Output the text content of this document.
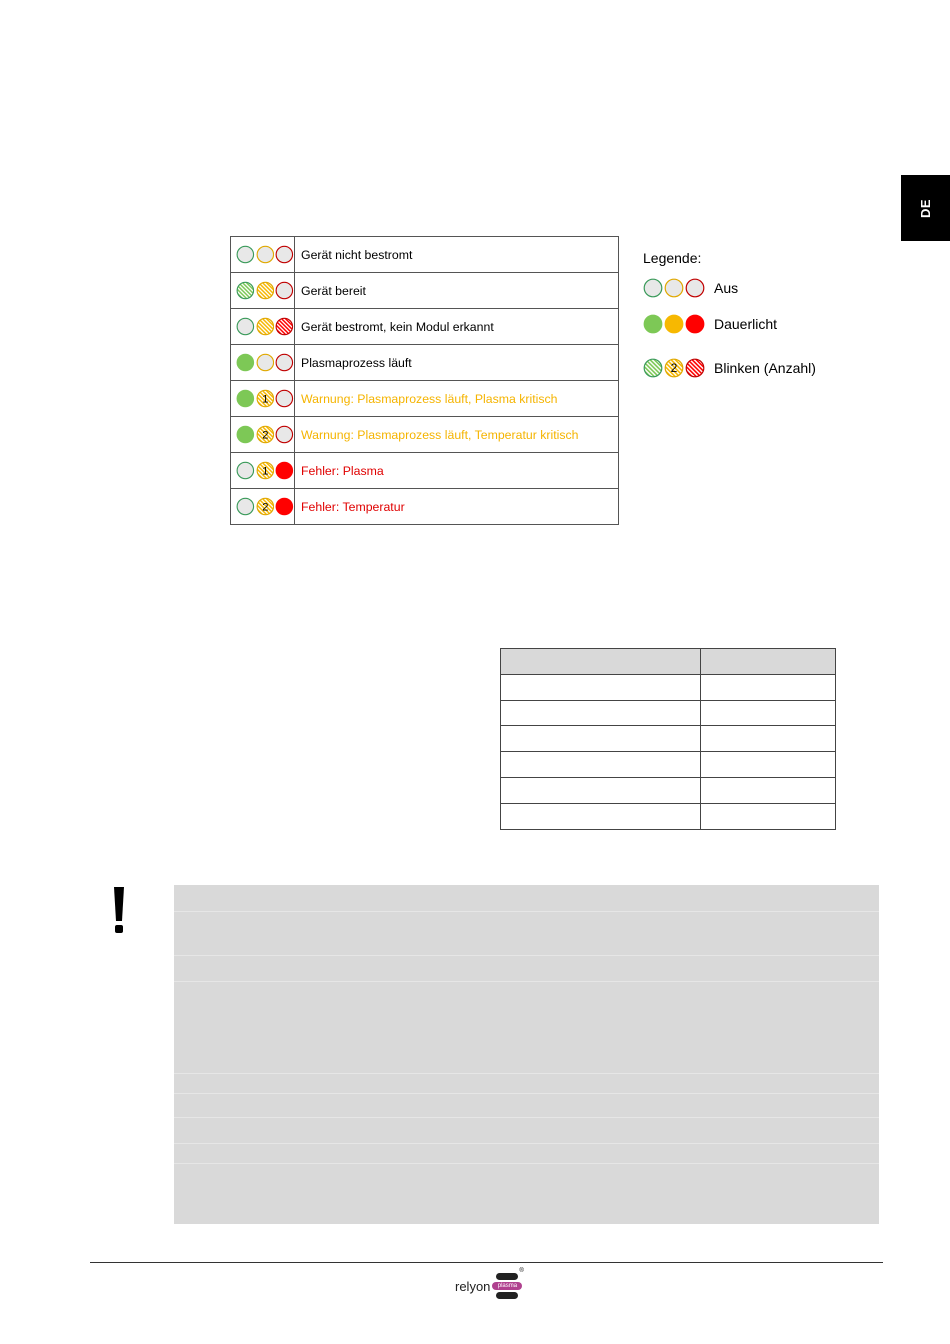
DE
	Gerät nicht bestromt

	Gerät bereit

	Gerät bestromt, kein Modul erkannt

	Plasmaprozess läuft

1	Warnung: Plasmaprozess läuft, Plasma kritisch

2	Warnung: Plasmaprozess läuft, Temperatur kritisch

1	Fehler: Plasma

2	Fehler: Temperatur
Legende:
Aus
Dauerlicht
2	Blinken (Anzahl)

relyon	plasma
®
